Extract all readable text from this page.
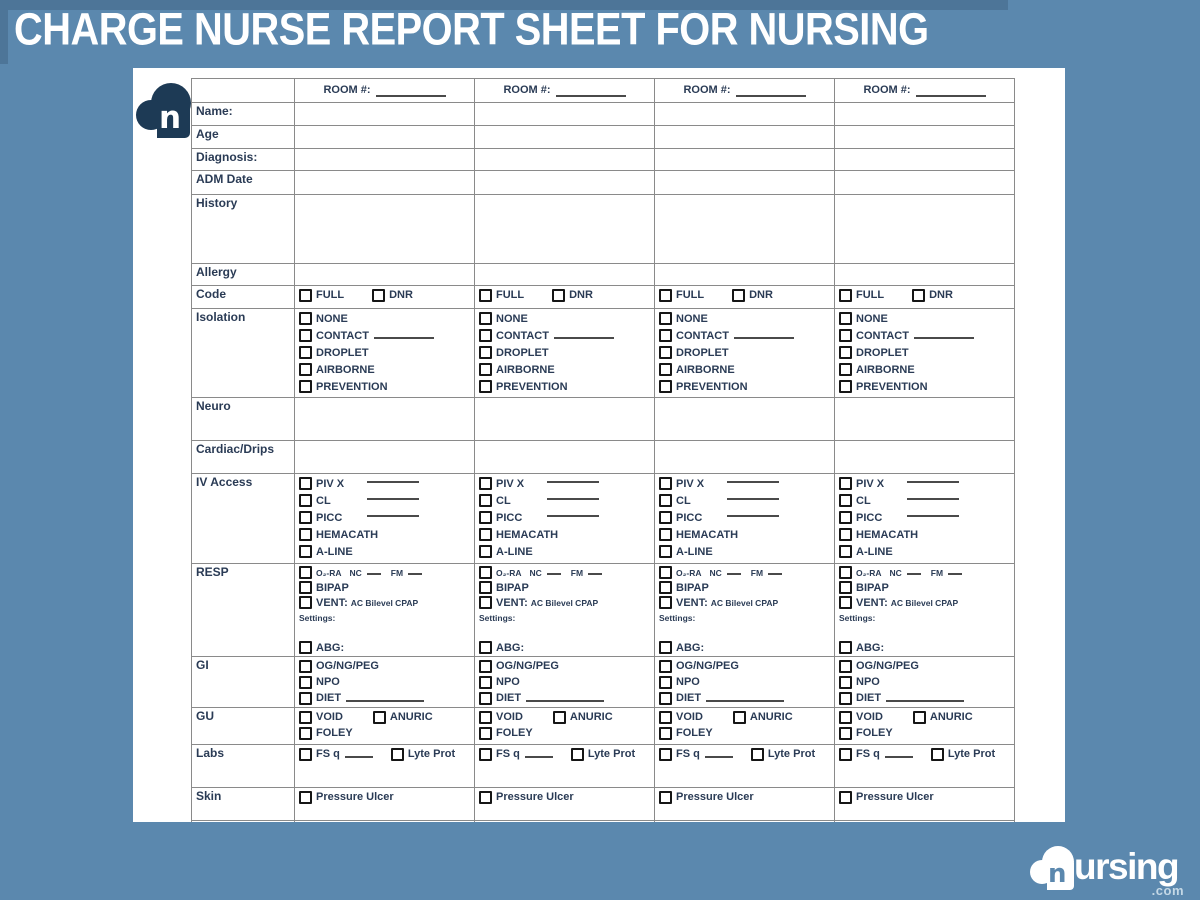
CHARGE NURSE REPORT SHEET FOR NURSING
n

	ROOM #:	ROOM #:	ROOM #:	ROOM #:

Name:				
Age				
Diagnosis:				
ADM Date				
History				
Allergy				
Code	FULL DNR	FULL DNR	FULL DNR	FULL DNR

Isolation	NONE
CONTACT
DROPLET
AIRBORNE
PREVENTION

NONE
CONTACT
DROPLET
AIRBORNE
PREVENTION

NONE
CONTACT
DROPLET
AIRBORNE
PREVENTION

NONE
CONTACT
DROPLET
AIRBORNE
PREVENTION

Neuro				
Cardiac/Drips				
IV Access	PIV X
CL
PICC
HEMACATH
A-LINE

PIV X
CL
PICC
HEMACATH
A-LINE

PIV X
CL
PICC
HEMACATH
A-LINE

PIV X
CL
PICC
HEMACATH
A-LINE

RESP	O₂-RA NC	FM
BIPAP
VENT: AC Bilevel CPAP
Settings:
ABG:

O₂-RA NC	FM
BIPAP
VENT: AC Bilevel CPAP
Settings:
ABG:

O₂-RA NC	FM
BIPAP
VENT: AC Bilevel CPAP
Settings:
ABG:

O₂-RA NC	FM
BIPAP
VENT: AC Bilevel CPAP
Settings:
ABG:

GI	OG/NG/PEG
NPO
DIET

OG/NG/PEG
NPO
DIET

OG/NG/PEG
NPO
DIET

OG/NG/PEG
NPO
DIET

GU	VOID	ANURIC
FOLEY

VOID	ANURIC
FOLEY

VOID	ANURIC
FOLEY

VOID	ANURIC
FOLEY

Labs	FS q Lyte Prot	FS q Lyte Prot	FS q Lyte Prot	FS q Lyte Prot

Skin	Pressure Ulcer	Pressure Ulcer	Pressure Ulcer	Pressure Ulcer

n ursing
.com
